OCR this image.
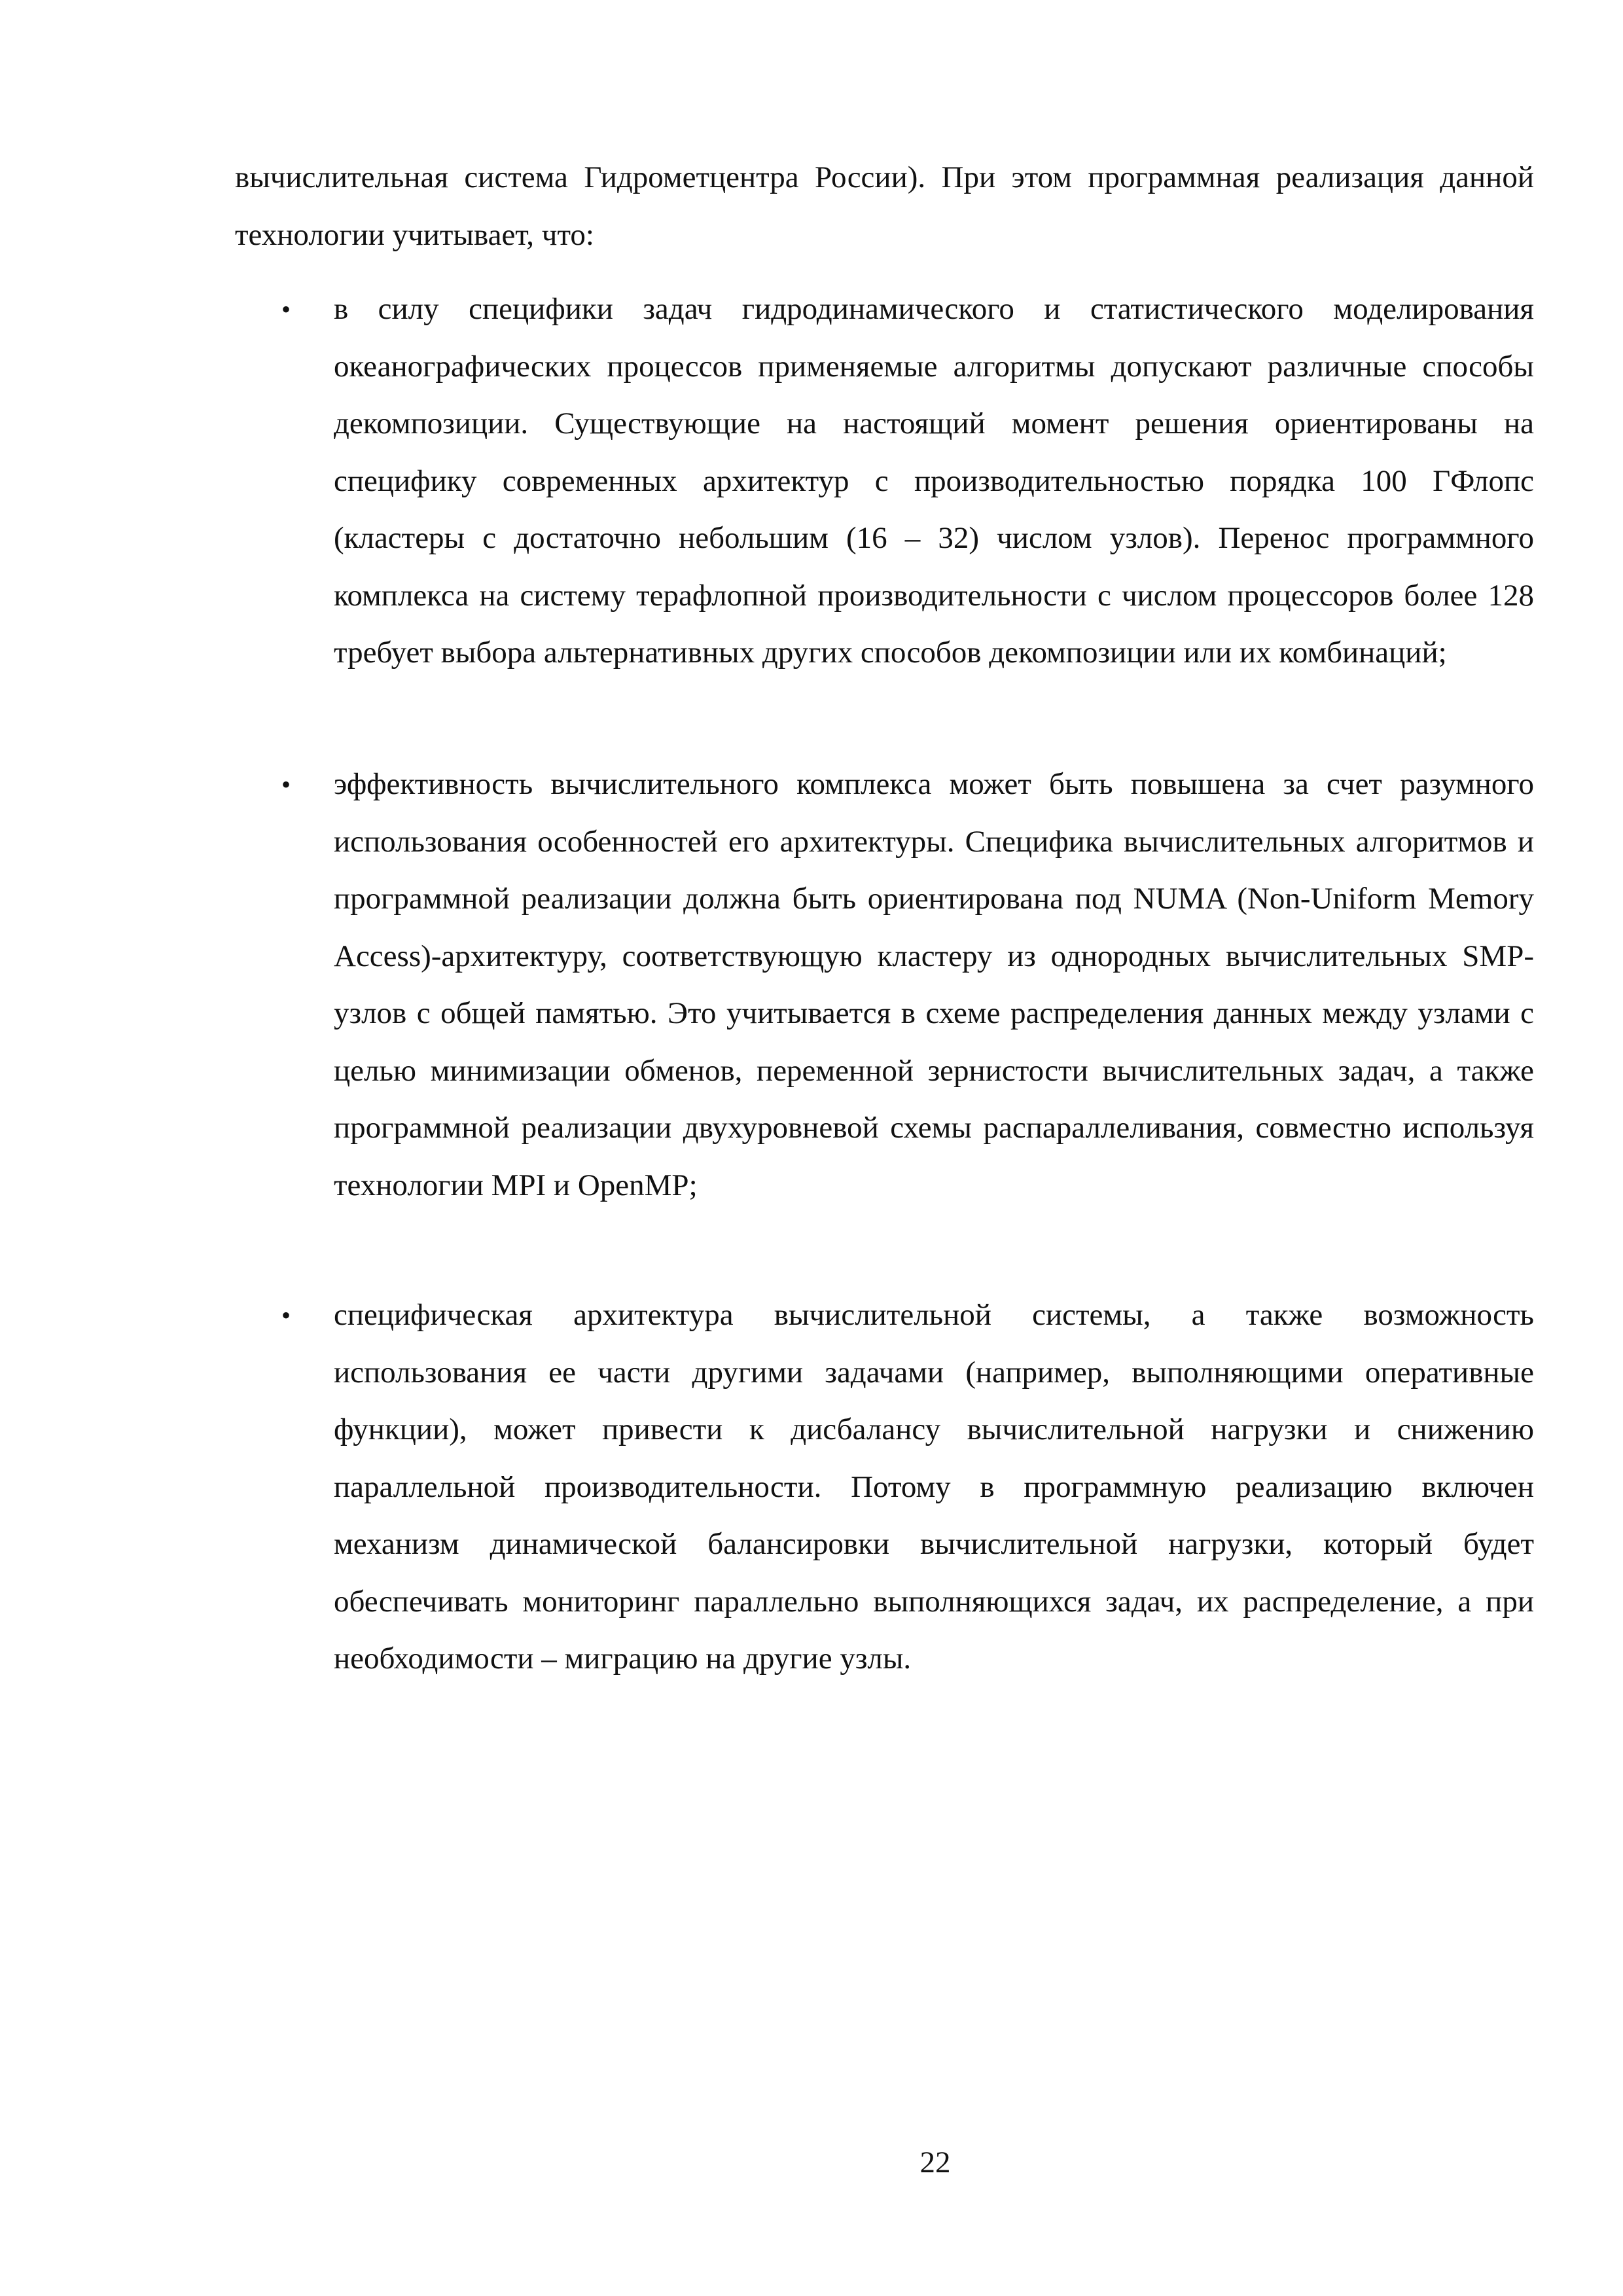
вычислительная система Гидрометцентра России). При этом программная реализация данной технологии учитывает, что:

• в силу специфики задач гидродинамического и статистического моделирования океанографических процессов применяемые алгоритмы допускают различные способы декомпозиции. Существующие на настоящий момент решения ориентированы на специфику современных архитектур с производительностью порядка 100 ГФлопс (кластеры с достаточно небольшим (16 – 32) числом узлов). Перенос программного комплекса на систему терафлопной производительности с числом процессоров более 128 требует выбора альтернативных других способов декомпозиции или их комбинаций;

• эффективность вычислительного комплекса может быть повышена за счет разумного использования особенностей его архитектуры. Специфика вычислительных алгоритмов и программной реализации должна быть ориентирована под NUMA (Non-Uniform Memory Access)-архитектуру, соответствующую кластеру из однородных вычислительных SMP-узлов с общей памятью. Это учитывается в схеме распределения данных между узлами с целью минимизации обменов, переменной зернистости вычислительных задач, а также программной реализации двухуровневой схемы распараллеливания, совместно используя технологии MPI и OpenMP;

• специфическая архитектура вычислительной системы, а также возможность использования ее части другими задачами (например, выполняющими оперативные функции), может привести к дисбалансу вычислительной нагрузки и снижению параллельной производительности. Потому в программную реализацию включен механизм динамической балансировки вычислительной нагрузки, который будет обеспечивать мониторинг параллельно выполняющихся задач, их распределение, а при необходимости – миграцию на другие узлы.

22
